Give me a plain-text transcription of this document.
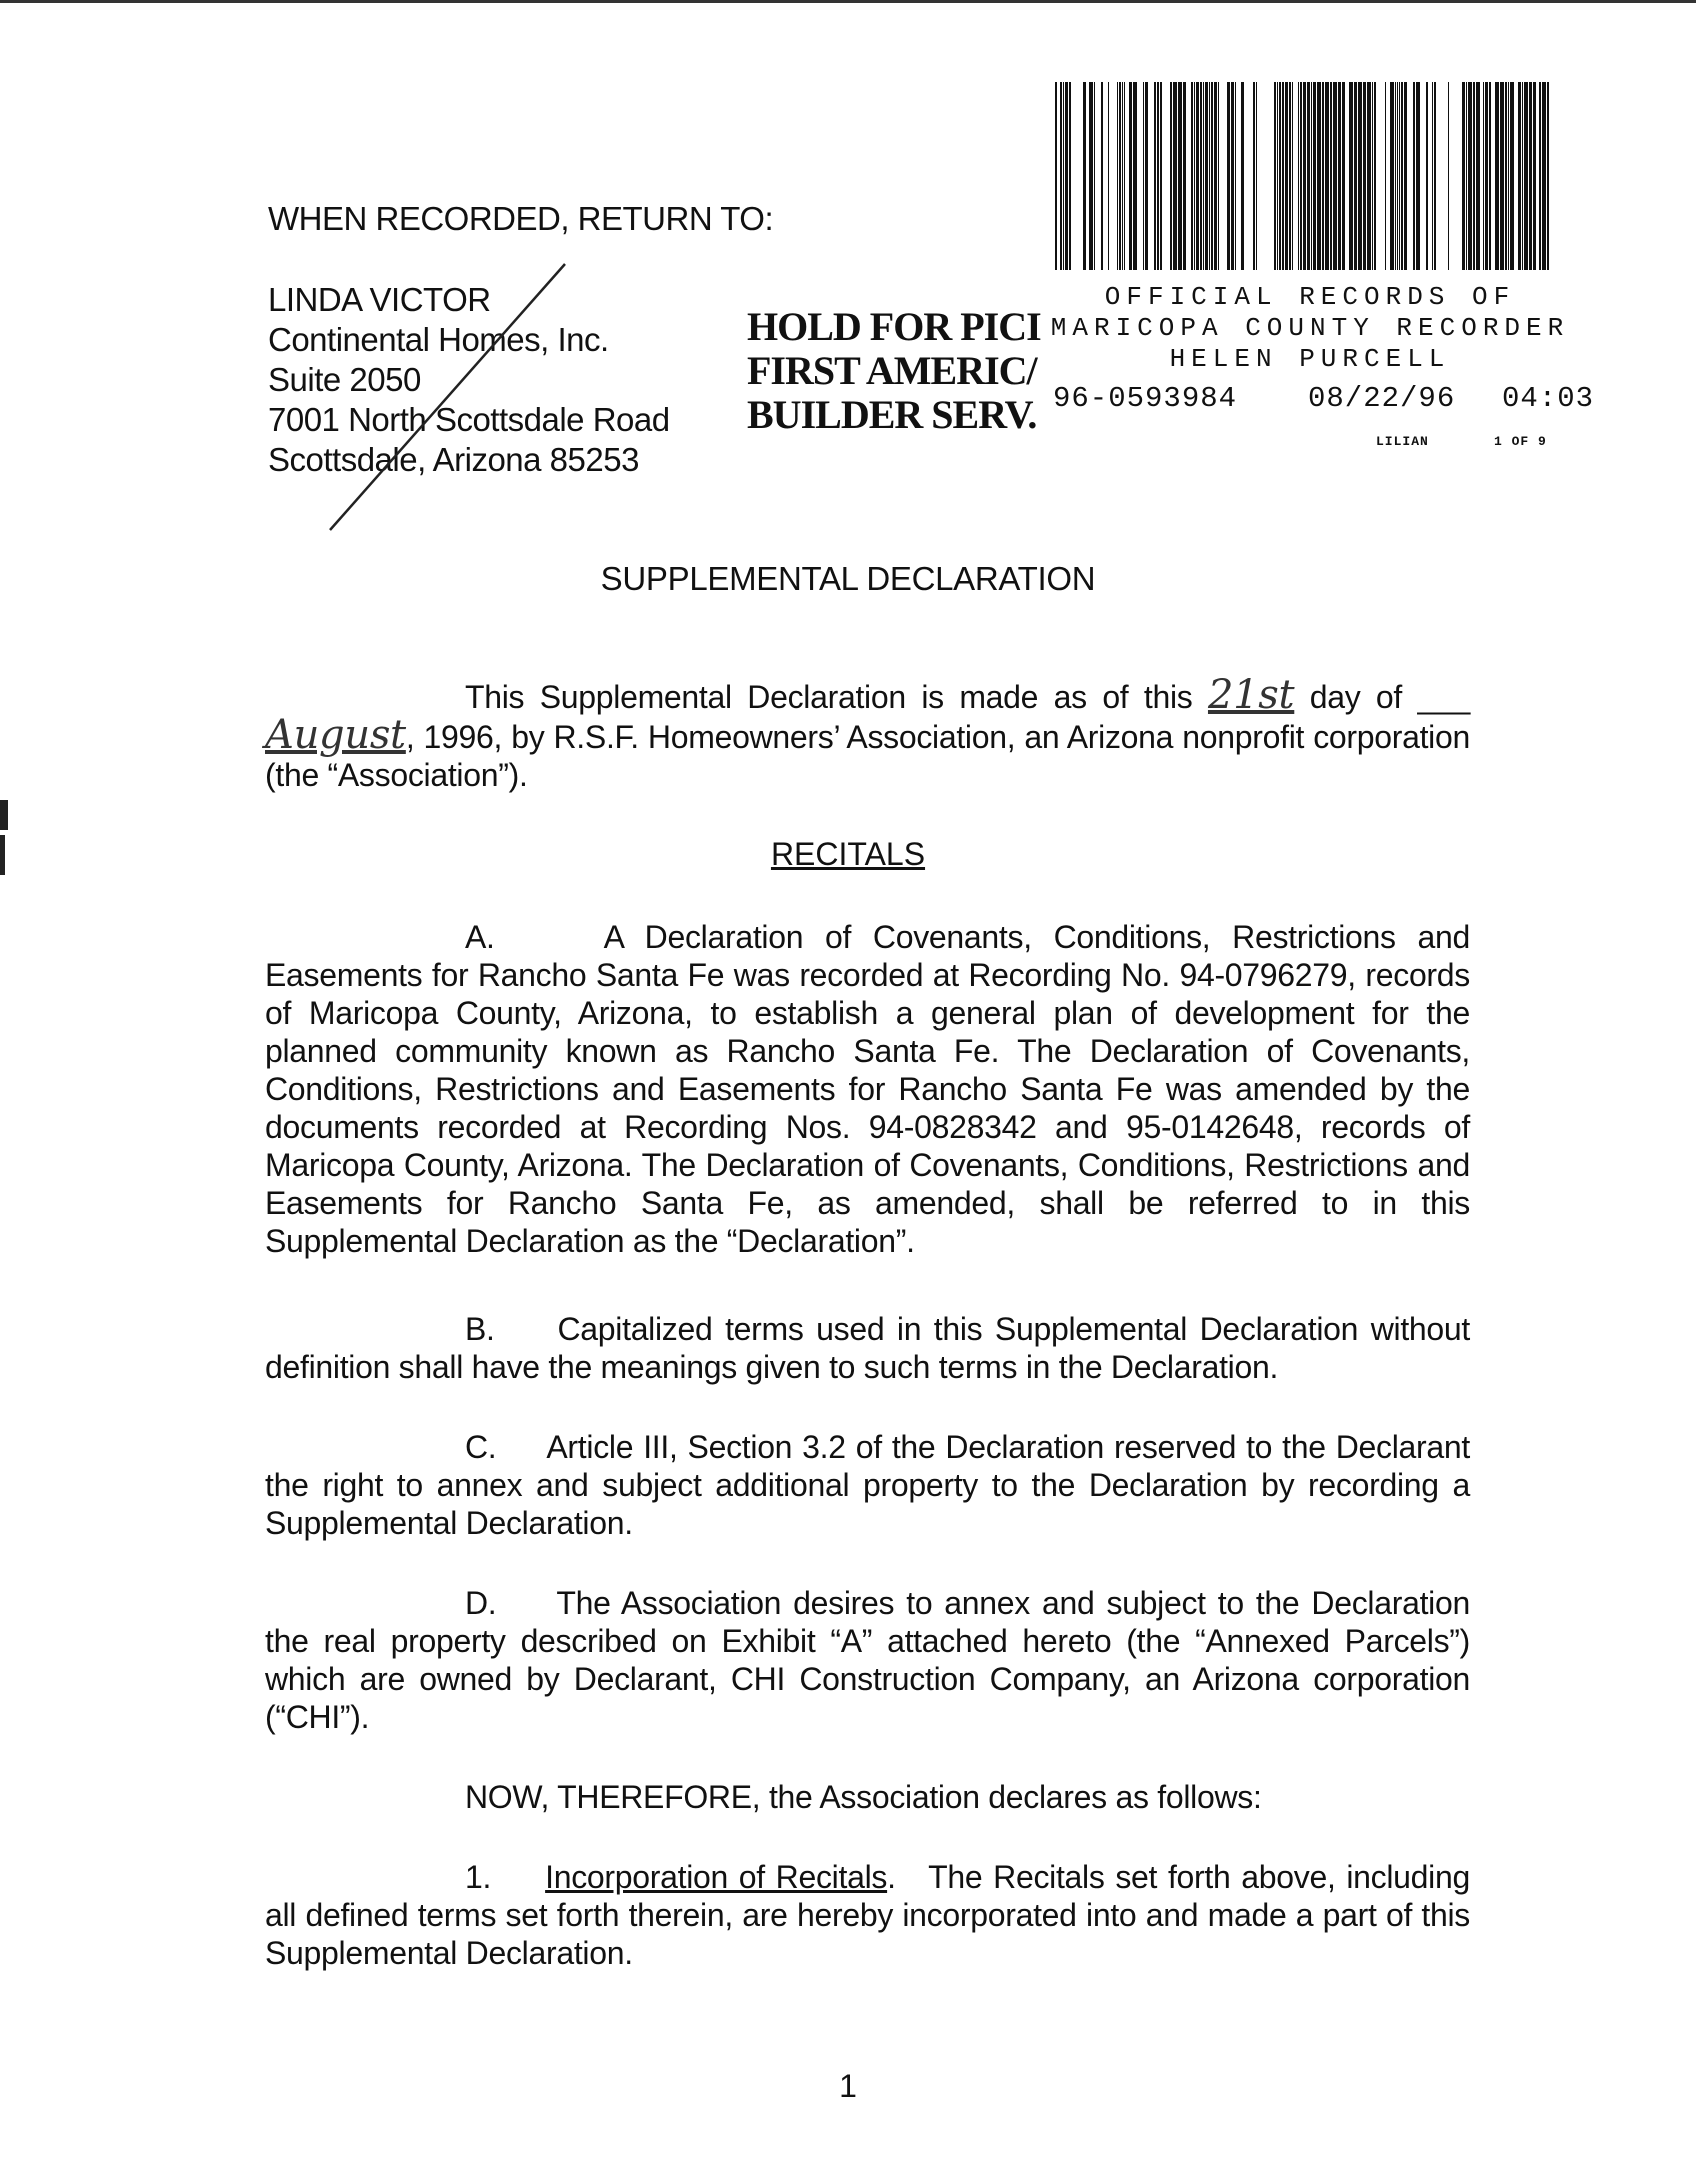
WHEN RECORDED, RETURN TO:
LINDA VICTOR
Continental Homes, Inc.
Suite 2050
7001 North Scottsdale Road
Scottsdale, Arizona 85253
HOLD FOR PICI
FIRST AMERIC/
BUILDER SERV.
OFFICIAL RECORDS OF
MARICOPA COUNTY RECORDER
HELEN PURCELL
96-0593984 08/22/96 04:03
LILIAN	1 OF 9
SUPPLEMENTAL DECLARATION

This Supplemental Declaration is made as of this 21st day of ___ August, 1996, by R.S.F. Homeowners’ Association, an Arizona nonprofit corporation (the “Association”).

RECITALS

A.	A Declaration of Covenants, Conditions, Restrictions and Easements for Rancho Santa Fe was recorded at Recording No. 94-0796279, records of Maricopa County, Arizona, to establish a general plan of development for the planned community known as Rancho Santa Fe. The Declaration of Covenants, Conditions, Restrictions and Easements for Rancho Santa Fe was amended by the documents recorded at Recording Nos. 94-0828342 and 95-0142648, records of Maricopa County, Arizona. The Declaration of Covenants, Conditions, Restrictions and Easements for Rancho Santa Fe, as amended, shall be referred to in this Supplemental Declaration as the “Declaration”.

B. Capitalized terms used in this Supplemental Declaration without definition shall have the meanings given to such terms in the Declaration.

C. Article III, Section 3.2 of the Declaration reserved to the Declarant the right to annex and subject additional property to the Declaration by recording a Supplemental Declaration.

D. The Association desires to annex and subject to the Declaration the real property described on Exhibit “A” attached hereto (the “Annexed Parcels”) which are owned by Declarant, CHI Construction Company, an Arizona corporation (“CHI”).

NOW, THEREFORE, the Association declares as follows:

1. Incorporation of Recitals.   The Recitals set forth above, including all defined terms set forth therein, are hereby incorporated into and made a part of this Supplemental Declaration.

1
